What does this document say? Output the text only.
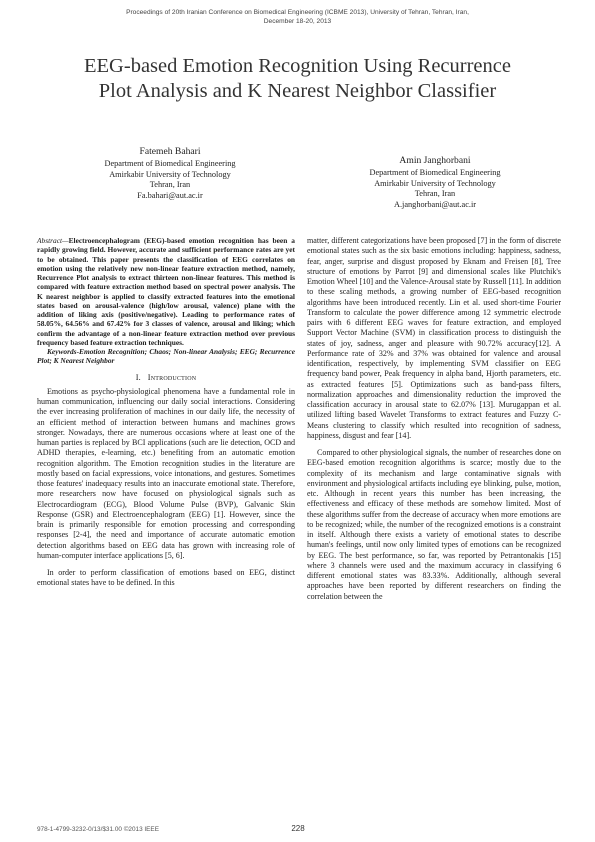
Proceedings of 20th Iranian Conference on Biomedical Engineering (ICBME 2013), University of Tehran, Tehran, Iran,
December 18-20, 2013
EEG-based Emotion Recognition Using Recurrence
Plot Analysis and K Nearest Neighbor Classifier
Fatemeh Bahari
Department of Biomedical Engineering
Amirkabir University of Technology
Tehran, Iran
Fa.bahari@aut.ac.ir
Amin Janghorbani
Department of Biomedical Engineering
Amirkabir University of Technology
Tehran, Iran
A.janghorbani@aut.ac.ir

Abstract—Electroencephalogram (EEG)-based emotion recognition has been a rapidly growing field. However, accurate and sufficient performance rates are yet to be obtained. This paper presents the classification of EEG correlates on emotion using the relatively new non-linear feature extraction method, namely, Recurrence Plot analysis to extract thirteen non-linear features. This method is compared with feature extraction method based on spectral power analysis. The K nearest neighbor is applied to classify extracted features into the emotional states based on arousal-valence (high/low arousal, valence) plane with the addition of liking axis (positive/negative). Leading to performance rates of 58.05%, 64.56% and 67.42% for 3 classes of valence, arousal and liking; which confirm the advantage of a non-linear feature extraction method over previous frequency based feature extraction techniques.

Keywords-Emotion Recognition; Chaos; Non-linear Analysis; EEG; Recurrence Plot; K Nearest Neighbor

I. Introduction

Emotions as psycho-physiological phenomena have a fundamental role in human communication, influencing our daily social interactions. Considering the ever increasing proliferation of machines in our daily life, the necessity of an efficient method of interaction between humans and machines grows stronger. Nowadays, there are numerous occasions where at least one of the human parties is replaced by BCI applications (such are lie detection, OCD and ADHD therapies, e-learning, etc.) benefiting from an automatic emotion recognition algorithm. The Emotion recognition studies in the literature are mostly based on facial expressions, voice intonations, and gestures. Sometimes those features' inadequacy results into an inaccurate emotional state. Therefore, more researchers now have focused on physiological signals such as Electrocardiogram (ECG), Blood Volume Pulse (BVP), Galvanic Skin Response (GSR) and Electroencephalogram (EEG) [1]. However, since the brain is primarily responsible for emotion processing and corresponding responses [2-4], the need and importance of accurate automatic emotion detection algorithms based on EEG data has grown with increasing role of human-computer interface applications [5, 6].

In order to perform classification of emotions based on EEG, distinct emotional states have to be defined. In this

matter, different categorizations have been proposed [7] in the form of discrete emotional states such as the six basic emotions including: happiness, sadness, fear, anger, surprise and disgust proposed by Eknam and Freisen [8], Tree structure of emotions by Parrot [9] and dimensional scales like Plutchik's Emotion Wheel [10] and the Valence-Arousal state by Russell [11]. In addition to these scaling methods, a growing number of EEG-based recognition algorithms have been introduced recently. Lin et al. used short-time Fourier Transform to calculate the power difference among 12 symmetric electrode pairs with 6 different EEG waves for feature extraction, and employed Support Vector Machine (SVM) in classification process to distinguish the states of joy, sadness, anger and pleasure with 90.72% accuracy[12]. A Performance rate of 32% and 37% was obtained for valence and arousal identification, respectively, by implementing SVM classifier on EEG frequency band power, Peak frequency in alpha band, Hjorth parameters, etc. as extracted features [5]. Optimizations such as band-pass filters, normalization approaches and dimensionality reduction the improved the classification accuracy in arousal state to 62.07% [13]. Murugappan et al. utilized lifting based Wavelet Transforms to extract features and Fuzzy C-Means clustering to classify which resulted into recognition of sadness, happiness, disgust and fear [14].

Compared to other physiological signals, the number of researches done on EEG-based emotion recognition algorithms is scarce; mostly due to the complexity of its mechanism and large contaminative signals with environment and physiological artifacts including eye blinking, pulse, motion, etc. Although in recent years this number has been increasing, the effectiveness and efficacy of these methods are somehow limited. Most of these algorithms suffer from the decrease of accuracy when more emotions are to be recognized; while, the number of the recognized emotions is a constraint in itself. Although there exists a variety of emotional states to describe human's feelings, until now only limited types of emotions can be recognized by EEG. The best performance, so far, was reported by Petrantonakis [15] where 3 channels were used and the maximum accuracy in classifying 6 different emotional states was 83.33%. Additionally, although several approaches have been reported by different researchers on finding the correlation between the

978-1-4799-3232-0/13/$31.00 ©2013 IEEE	228
